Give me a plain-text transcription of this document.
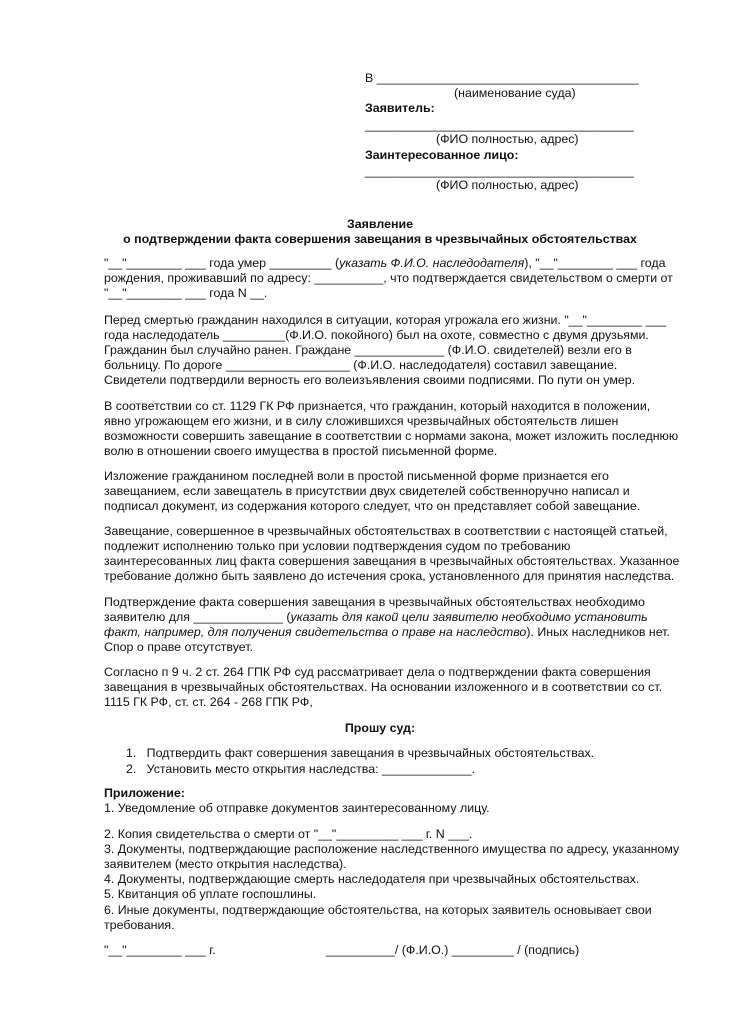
В ______________________________________
(наименование суда)
Заявитель:
_______________________________________
(ФИО полностью, адрес)
Заинтересованное лицо:
_______________________________________
(ФИО полностью, адрес)
Заявление
о подтверждении факта совершения завещания в чрезвычайных обстоятельствах
"__"________ ___ года умер _________ (указать Ф.И.О. наследодателя), "__"________ ___ года
рождения, проживавший по адресу: __________, что подтверждается свидетельством о смерти от
"__"________ ___ года N __.
Перед смертью гражданин находился в ситуации, которая угрожала его жизни. "__"________ ___
года наследодатель _________(Ф.И.О. покойного) был на охоте, совместно с двумя друзьями.
Гражданин был случайно ранен. Граждане _____________ (Ф.И.О. свидетелей) везли его в
больницу. По дороге __________________ (Ф.И.О. наследодателя) составил завещание.
Свидетели подтвердили верность его волеизъявления своими подписями. По пути он умер.
В соответствии со ст. 1129 ГК РФ признается, что гражданин, который находится в положении,
явно угрожающем его жизни, и в силу сложившихся чрезвычайных обстоятельств лишен
возможности совершить завещание в соответствии с нормами закона, может изложить последнюю
волю в отношении своего имущества в простой письменной форме.
Изложение гражданином последней воли в простой письменной форме признается его
завещанием, если завещатель в присутствии двух свидетелей собственноручно написал и
подписал документ, из содержания которого следует, что он представляет собой завещание.
Завещание, совершенное в чрезвычайных обстоятельствах в соответствии с настоящей статьей,
подлежит исполнению только при условии подтверждения судом по требованию
заинтересованных лиц факта совершения завещания в чрезвычайных обстоятельствах. Указанное
требование должно быть заявлено до истечения срока, установленного для принятия наследства.
Подтверждение факта совершения завещания в чрезвычайных обстоятельствах необходимо
заявителю для _____________ (указать для какой цели заявителю необходимо установить
факт, например, для получения свидетельства о праве на наследство). Иных наследников нет.
Спор о праве отсутствует.
Согласно п 9 ч. 2 ст. 264 ГПК РФ суд рассматривает дела о подтверждении факта совершения
завещания в чрезвычайных обстоятельствах. На основании изложенного и в соответствии со ст.
1115 ГК РФ, ст. ст. 264 - 268 ГПК РФ,
Прошу суд:
1.   Подтвердить факт совершения завещания в чрезвычайных обстоятельствах.
2.   Установить место открытия наследства: _____________.
Приложение:
1. Уведомление об отправке документов заинтересованному лицу.
2. Копия свидетельства о смерти от "__"_________ ___ г. N ___.
3. Документы, подтверждающие расположение наследственного имущества по адресу, указанному
заявителем (место открытия наследства).
4. Документы, подтверждающие смерть наследодателя при чрезвычайных обстоятельствах.
5. Квитанция об уплате госпошлины.
6. Иные документы, подтверждающие обстоятельства, на которых заявитель основывает свои
требования.
"__"________ ___ г.	__________/ (Ф.И.О.) _________ / (подпись)
